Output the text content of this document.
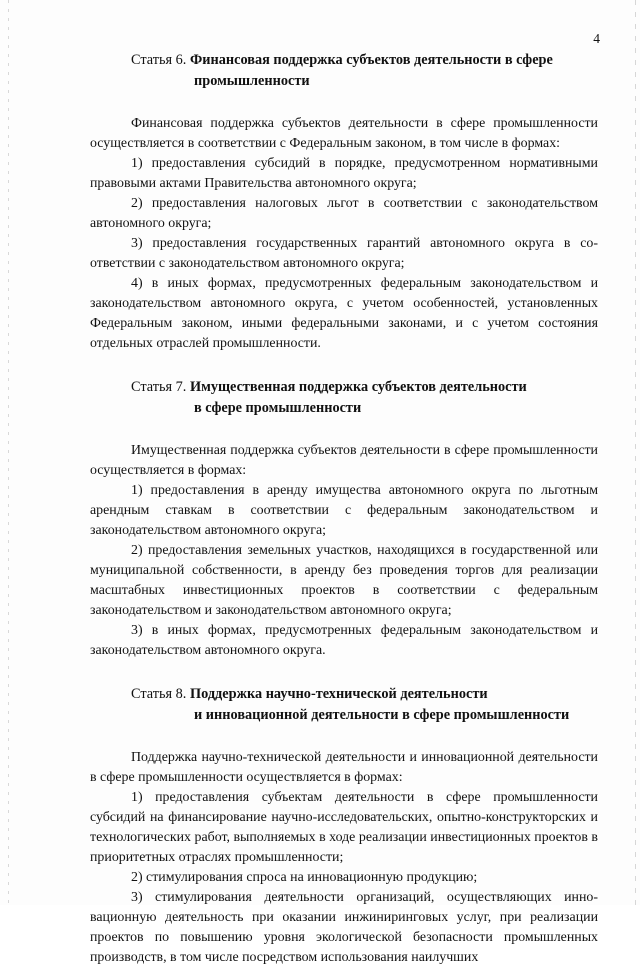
4
Статья 6. Финансовая поддержка субъектов деятельности в сфере
промышленности

Финансовая поддержка субъектов деятельности в сфере промышленности осуществляется в соответствии с Федеральным законом, в том числе в формах:

1) предоставления субсидий в порядке, предусмотренном нормативными правовыми актами Правительства автономного округа;

2) предоставления налоговых льгот в соответствии с законодательством автономного округа;

3) предоставления государственных гарантий автономного округа в соответствии с законодательством автономного округа;

4) в иных формах, предусмотренных федеральным законодательством и законодательством автономного округа, с учетом особенностей, установленных Федеральным законом, иными федеральными законами, и с учетом состояния отдельных отраслей промышленности.

Статья 7. Имущественная поддержка субъектов деятельности
в сфере промышленности

Имущественная поддержка субъектов деятельности в сфере промышленности осуществляется в формах:

1) предоставления в аренду имущества автономного округа по льготным арендным ставкам в соответствии с федеральным законодательством и законодательством автономного округа;

2) предоставления земельных участков, находящихся в государственной или муниципальной собственности, в аренду без проведения торгов для реализации масштабных инвестиционных проектов в соответствии с федеральным законодательством и законодательством автономного округа;

3) в иных формах, предусмотренных федеральным законодательством и законодательством автономного округа.

Статья 8. Поддержка научно-технической деятельности
и инновационной деятельности в сфере промышленности

Поддержка научно-технической деятельности и инновационной деятельности в сфере промышленности осуществляется в формах:

1) предоставления субъектам деятельности в сфере промышленности субсидий на финансирование научно-исследовательских, опытно-конструкторских и технологических работ, выполняемых в ходе реализации инвестиционных проектов в приоритетных отраслях промышленности;

2) стимулирования спроса на инновационную продукцию;

3) стимулирования деятельности организаций, осуществляющих инновационную деятельность при оказании инжиниринговых услуг, при реализации проектов по повышению уровня экологической безопасности промышленных производств, в том числе посредством использования наилучших
